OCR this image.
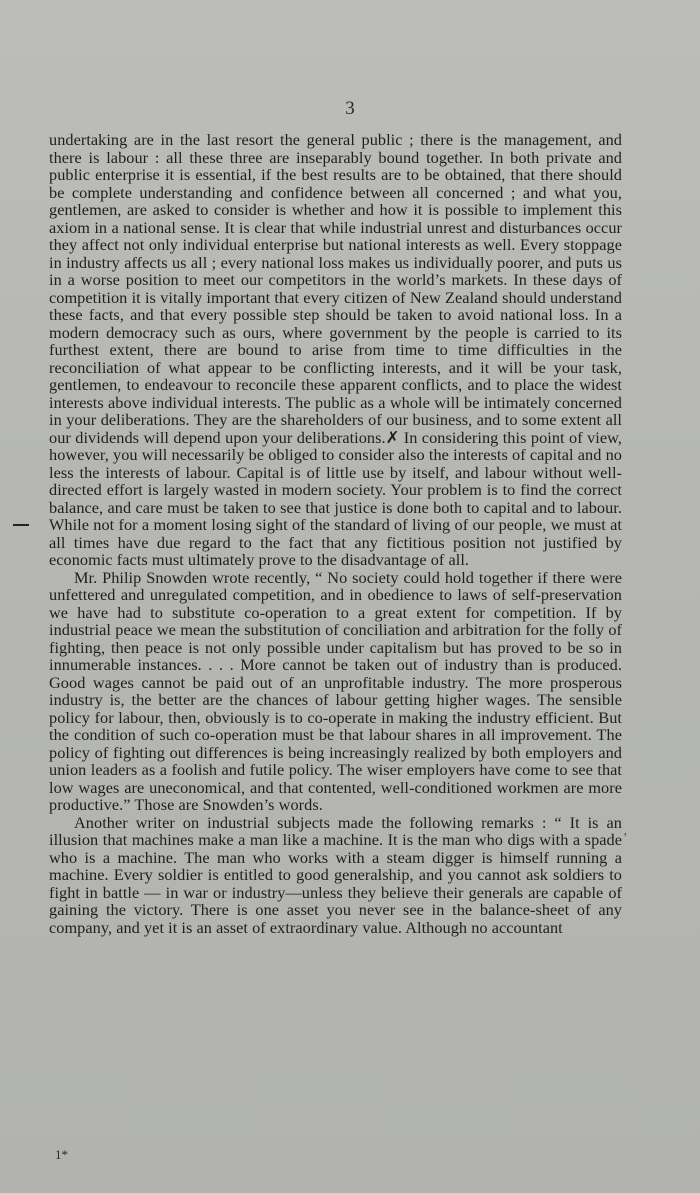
3

undertaking are in the last resort the general public ; there is the management, and there is labour : all these three are inseparably bound together. In both private and public enterprise it is essential, if the best results are to be obtained, that there should be complete understanding and confidence between all concerned ; and what you, gentlemen, are asked to consider is whether and how it is possible to implement this axiom in a national sense. It is clear that while industrial unrest and disturbances occur they affect not only individual enterprise but national interests as well. Every stoppage in industry affects us all ; every national loss makes us individually poorer, and puts us in a worse position to meet our competitors in the world’s markets. In these days of competition it is vitally important that every citizen of New Zealand should understand these facts, and that every possible step should be taken to avoid national loss. In a modern democracy such as ours, where government by the people is carried to its furthest extent, there are bound to arise from time to time difficulties in the reconciliation of what appear to be conflicting interests, and it will be your task, gentlemen, to endeavour to reconcile these apparent conflicts, and to place the widest interests above individual interests. The public as a whole will be intimately concerned in your deliberations. They are the shareholders of our business, and to some extent all our dividends will depend upon your deliberations.✗ In considering this point of view, however, you will necessarily be obliged to consider also the interests of capital and no less the interests of labour. Capital is of little use by itself, and labour without well-directed effort is largely wasted in modern society. Your problem is to find the correct balance, and care must be taken to see that justice is done both to capital and to labour. While not for a moment losing sight of the standard of living of our people, we must at all times have due regard to the fact that any fictitious position not justified by economic facts must ultimately prove to the disadvantage of all.

Mr. Philip Snowden wrote recently, “ No society could hold together if there were unfettered and unregulated competition, and in obedience to laws of self-preservation we have had to substitute co-operation to a great extent for competition. If by industrial peace we mean the substitution of conciliation and arbitration for the folly of fighting, then peace is not only possible under capitalism but has proved to be so in innumerable instances. . . . More cannot be taken out of industry than is produced. Good wages cannot be paid out of an unprofitable industry. The more prosperous industry is, the better are the chances of labour getting higher wages. The sensible policy for labour, then, obviously is to co-operate in making the industry efficient. But the condition of such co-operation must be that labour shares in all improvement. The policy of fighting out differences is being increasingly realized by both employers and union leaders as a foolish and futile policy. The wiser employers have come to see that low wages are uneconomical, and that contented, well-conditioned workmen are more productive.” Those are Snowden’s words.

Another writer on industrial subjects made the following remarks : “ It is an illusion that machines make a man like a machine. It is the man who digs with a spade who is a machine. The man who works with a steam digger is himself running a machine. Every soldier is entitled to good generalship, and you cannot ask soldiers to fight in battle — in war or industry—unless they believe their generals are capable of gaining the victory. There is one asset you never see in the balance-sheet of any company, and yet it is an asset of extraordinary value. Although no accountant

'
1*
